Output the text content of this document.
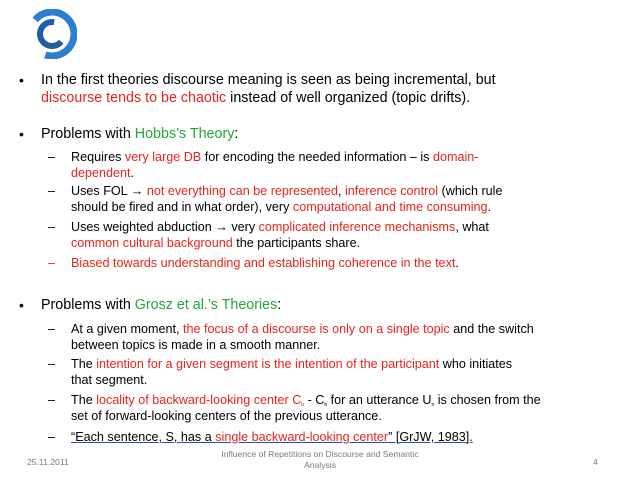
• In the first theories discourse meaning is seen as being incremental, but
discourse tends to be chaotic instead of well organized (topic drifts).
• Problems with Hobbs’s Theory:
– Requires very large DB for encoding the needed information – is domain-
dependent.
– Uses FOL → not everything can be represented, inference control (which rule
should be fired and in what order), very computational and time consuming.
– Uses weighted abduction → very complicated inference mechanisms, what
common cultural background the participants share.
– Biased towards understanding and establishing coherence in the text.
• Problems with Grosz et al.’s Theories:
– At a given moment, the focus of a discourse is only on a single topic and the switch
between topics is made in a smooth manner.
– The intention for a given segment is the intention of the participant who initiates
that segment.
– The locality of backward-looking center Cb - Cb for an utterance Un is chosen from the
set of forward-looking centers of the previous utterance.
– “Each sentence, S, has a single backward-looking center” [GrJW, 1983].
25.11.2011
Influence of Repetitions on Discourse and Semantic
Analysis	4
